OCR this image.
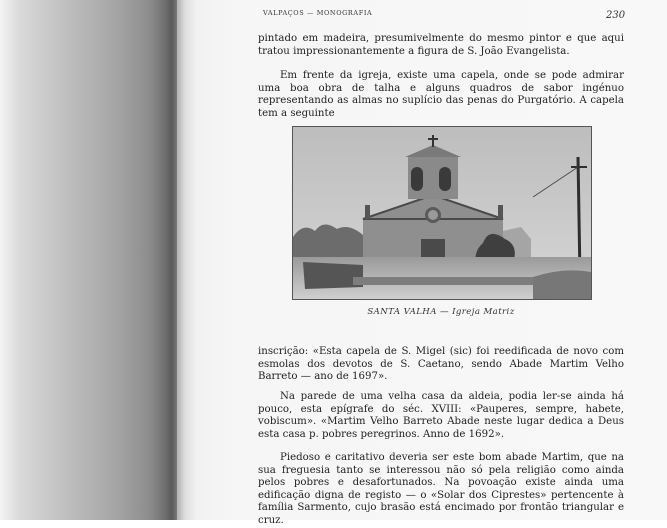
VALPAÇOS — MONOGRAFIA	230

pintado em madeira, presumivelmente do mesmo pintor e que aqui tratou impressionantemente a figura de S. João Evangelista.

Em frente da igreja, existe uma capela, onde se pode admirar uma boa obra de talha e alguns quadros de sabor ingénuo representando as almas no suplício das penas do Purgatório. A capela tem a seguinte

SANTA VALHA — Igreja Matriz

inscrição: «Esta capela de S. Migel (sic) foi reedificada de novo com esmolas dos devotos de S. Caetano, sendo Abade Martim Velho Barreto — ano de 1697».

Na parede de uma velha casa da aldeia, podia ler-se ainda há pouco, esta epígrafe do séc. XVIII: «Pauperes, sempre, habete, vobiscum». «Martim Velho Barreto Abade neste lugar dedica a Deus esta casa p. pobres peregrinos. Anno de 1692».

Piedoso e caritativo deveria ser este bom abade Martim, que na sua freguesia tanto se interessou não só pela religião como ainda pelos pobres e desafortunados. Na povoação existe ainda uma edificação digna de registo — o «Solar dos Ciprestes» pertencente à família Sarmento, cujo brasão está encimado por frontão triangular e cruz.
